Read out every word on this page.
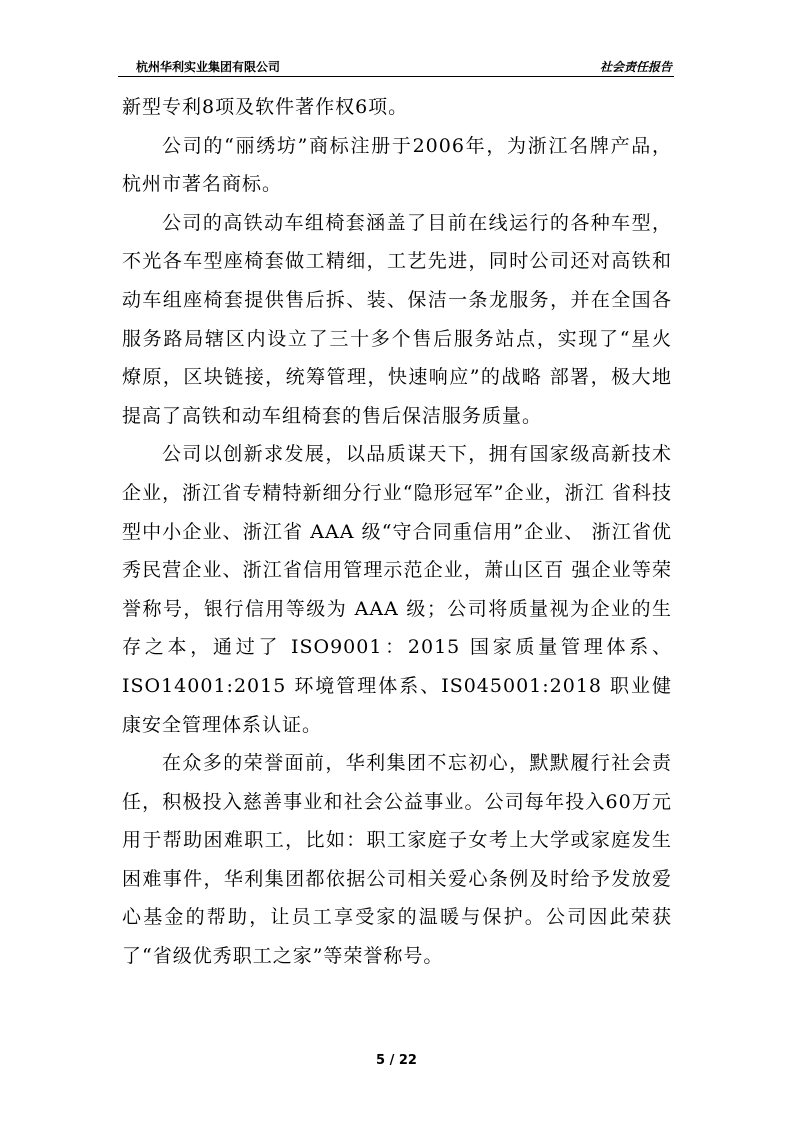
杭州华利实业集团有限公司	社会责任报告

新型专利8项及软件著作权6项。

公司的“丽绣坊”商标注册于2006年，为浙江名牌产品， 杭州市著名商标。

公司的高铁动车组椅套涵盖了目前在线运行的各种车型，不光各车型座椅套做工精细，工艺先进，同时公司还对高铁和动车组座椅套提供售后拆、装、保洁一条龙服务，并在全国各服务路局辖区内设立了三十多个售后服务站点，实现了“星火燎原，区块链接，统筹管理，快速响应”的战略 部署，极大地提高了高铁和动车组椅套的售后保洁服务质量。

公司以创新求发展，以品质谋天下，拥有国家级高新技术企业，浙江省专精特新细分行业“隐形冠军”企业，浙江 省科技型中小企业、浙江省 AAA 级“守合同重信用”企业、 浙江省优秀民营企业、浙江省信用管理示范企业，萧山区百 强企业等荣誉称号，银行信用等级为 AAA 级；公司将质量视为企业的生存之本，通过了 ISO9001：2015 国家质量管理体系、ISO14001:2015 环境管理体系、IS045001:2018 职业健 康安全管理体系认证。

在众多的荣誉面前，华利集团不忘初心，默默履行社会责任，积极投入慈善事业和社会公益事业。公司每年投入60万元用于帮助困难职工，比如：职工家庭子女考上大学或家庭发生困难事件，华利集团都依据公司相关爱心条例及时给予发放爱心基金的帮助，让员工享受家的温暖与保护。公司因此荣获了“省级优秀职工之家”等荣誉称号。

5 / 22
